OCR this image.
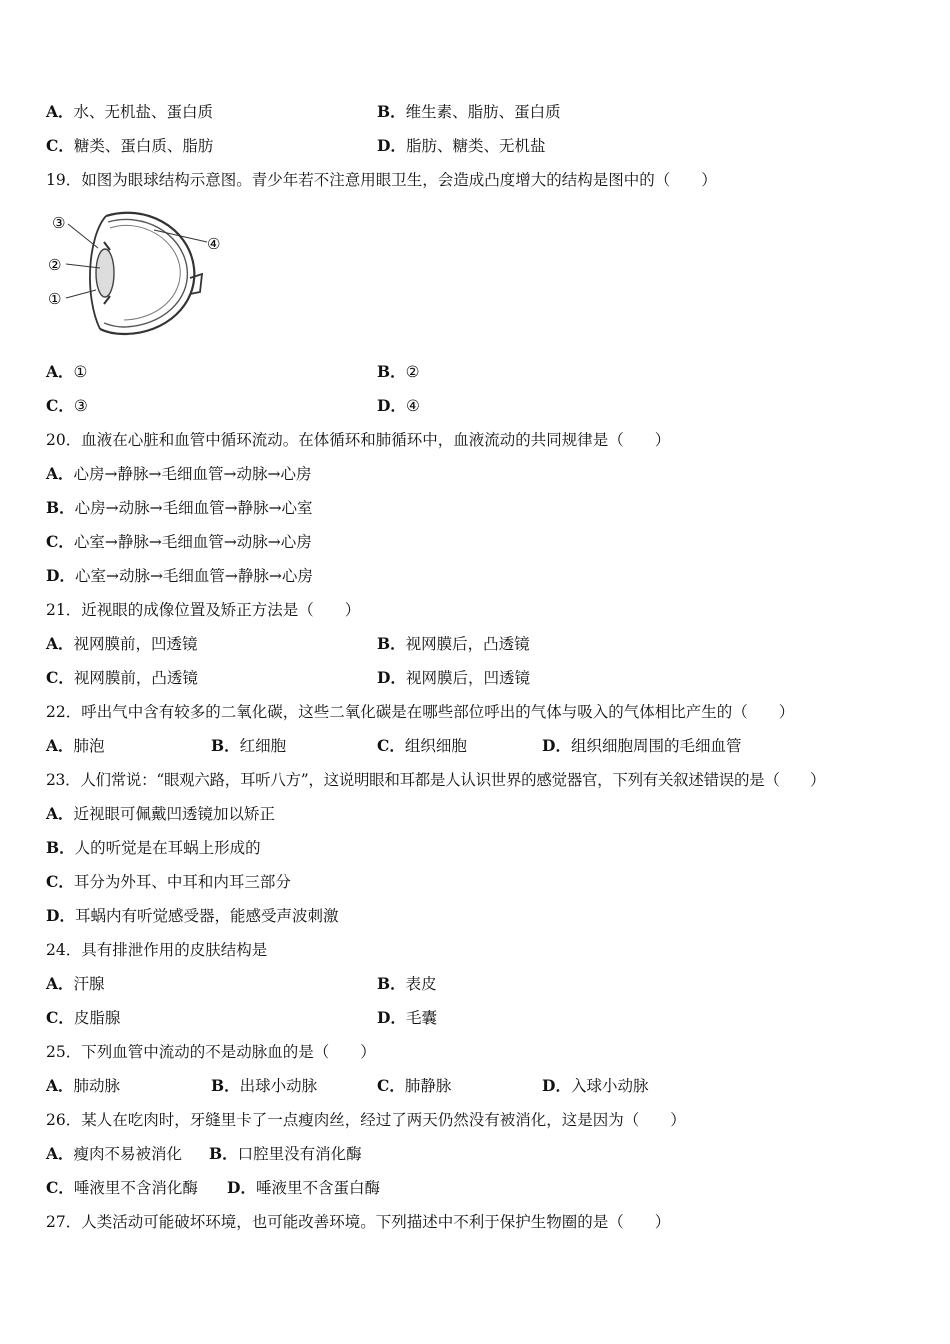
A．水、无机盐、蛋白质	B．维生素、脂肪、蛋白质
C．糖类、蛋白质、脂肪	D．脂肪、糖类、无机盐
19．如图为眼球结构示意图。青少年若不注意用眼卫生，会造成凸度增大的结构是图中的（　　）
③
②
①
④
A．①	B．②
C．③	D．④
20．血液在心脏和血管中循环流动。在体循环和肺循环中，血液流动的共同规律是（　　）
A．心房→静脉→毛细血管→动脉→心房
B．心房→动脉→毛细血管→静脉→心室
C．心室→静脉→毛细血管→动脉→心房
D．心室→动脉→毛细血管→静脉→心房
21．近视眼的成像位置及矫正方法是（　　）
A．视网膜前，凹透镜	B．视网膜后，凸透镜
C．视网膜前，凸透镜	D．视网膜后，凹透镜
22．呼出气中含有较多的二氧化碳，这些二氧化碳是在哪些部位呼出的气体与吸入的气体相比产生的（　　）
A．肺泡	B．红细胞	C．组织细胞	D．组织细胞周围的毛细血管
23．人们常说：“眼观六路，耳听八方”，这说明眼和耳都是人认识世界的感觉器官，下列有关叙述错误的是（　　）
A．近视眼可佩戴凹透镜加以矫正
B．人的听觉是在耳蜗上形成的
C．耳分为外耳、中耳和内耳三部分
D．耳蜗内有听觉感受器，能感受声波刺激
24．具有排泄作用的皮肤结构是
A．汗腺	B．表皮
C．皮脂腺	D．毛囊
25．下列血管中流动的不是动脉血的是（　　）
A．肺动脉	B．出球小动脉	C．肺静脉	D．入球小动脉
26．某人在吃肉时，牙缝里卡了一点瘦肉丝，经过了两天仍然没有被消化，这是因为（　　）
A．瘦肉不易被消化 B．口腔里没有消化酶
C．唾液里不含消化酶 D．唾液里不含蛋白酶
27．人类活动可能破坏环境，也可能改善环境。下列描述中不利于保护生物圈的是（　　）
